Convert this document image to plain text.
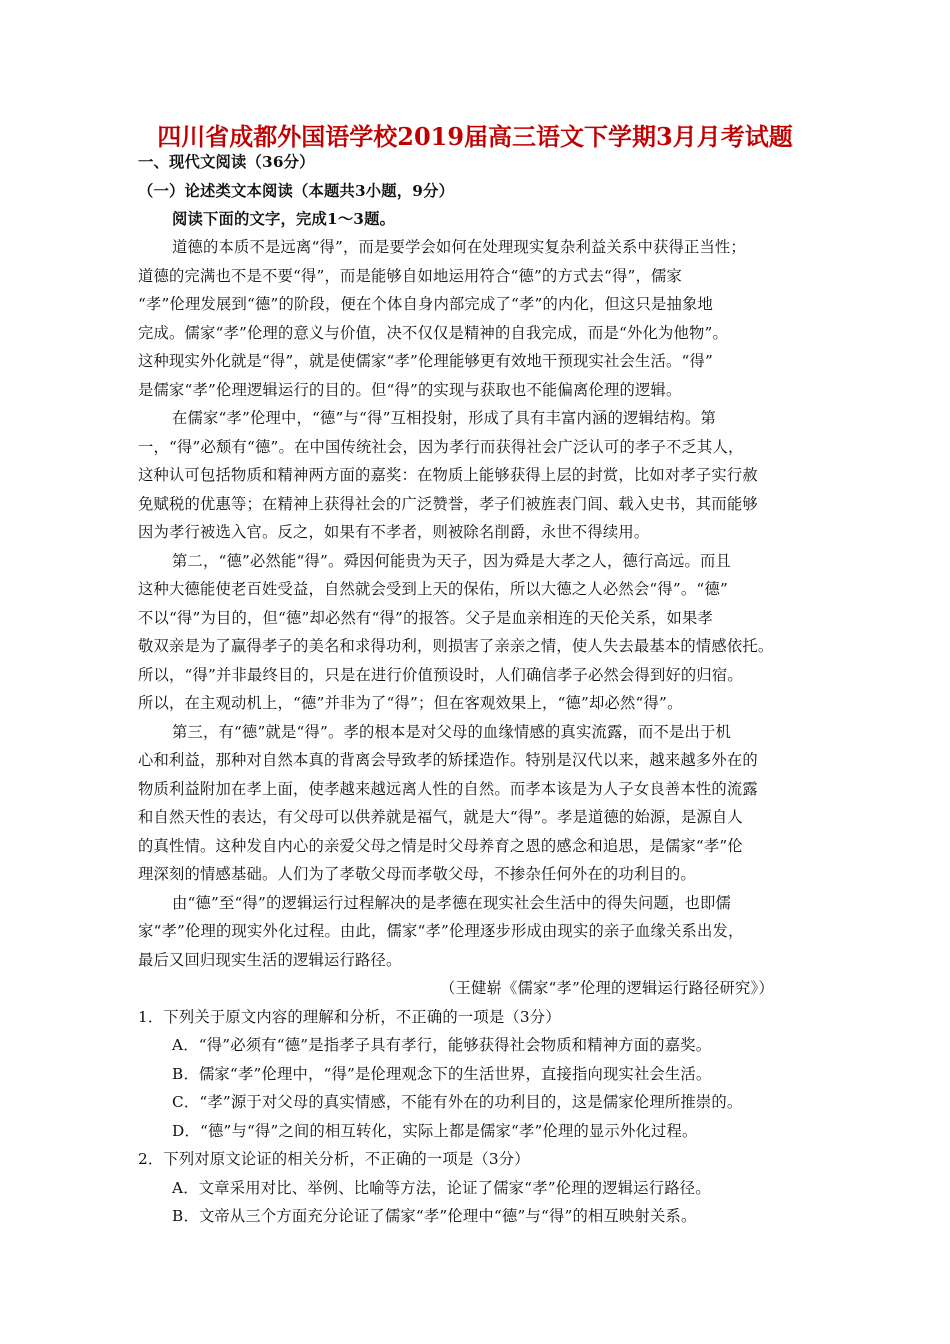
四川省成都外国语学校2019届高三语文下学期3月月考试题
一、现代文阅读（36分）
（一）论述类文本阅读（本题共3小题，9分）
阅读下面的文字，完成1～3题。
道德的本质不是远离“得”，而是要学会如何在处理现实复杂利益关系中获得正当性；
道德的完满也不是不要“得”，而是能够自如地运用符合“德”的方式去“得”，儒家
“孝”伦理发展到“德”的阶段，便在个体自身内部完成了“孝”的内化，但这只是抽象地
完成。儒家“孝”伦理的意义与价值，决不仅仅是精神的自我完成，而是“外化为他物”。
这种现实外化就是“得”，就是使儒家“孝”伦理能够更有效地干预现实社会生活。“得”
是儒家“孝”伦理逻辑运行的目的。但“得”的实现与获取也不能偏离伦理的逻辑。
在儒家“孝”伦理中，“德”与“得”互相投射，形成了具有丰富内涵的逻辑结构。第
一，“得”必颓有“德”。在中国传统社会，因为孝行而获得社会广泛认可的孝子不乏其人，
这种认可包括物质和精神两方面的嘉奖：在物质上能够获得上层的封赏，比如对孝子实行赦
免赋税的优惠等；在精神上获得社会的广泛赞誉，孝子们被旌表门闾、载入史书，其而能够
因为孝行被选入官。反之，如果有不孝者，则被除名削爵，永世不得续用。
第二，“德”必然能“得”。舜因何能贵为天子，因为舜是大孝之人，德行高远。而且
这种大德能使老百姓受益，自然就会受到上天的保佑，所以大德之人必然会“得”。“德”
不以“得”为目的，但“德”却必然有“得”的报答。父子是血亲相连的天伦关系，如果孝
敬双亲是为了赢得孝子的美名和求得功利，则损害了亲亲之情，使人失去最基本的情感依托。
所以，“得”并非最终目的，只是在进行价值预设时，人们确信孝子必然会得到好的归宿。
所以，在主观动机上，“德”并非为了“得”；但在客观效果上，“德”却必然“得”。
第三，有“德”就是“得”。孝的根本是对父母的血缘情感的真实流露，而不是出于机
心和利益，那种对自然本真的背离会导致孝的矫揉造作。特别是汉代以来，越来越多外在的
物质利益附加在孝上面，使孝越来越远离人性的自然。而孝本该是为人子女良善本性的流露
和自然天性的表达，有父母可以供养就是福气，就是大“得”。孝是道德的始源，是源自人
的真性情。这种发自内心的亲爱父母之情是时父母养育之恩的感念和追思，是儒家“孝”伦
理深刻的情感基础。人们为了孝敬父母而孝敬父母，不掺杂任何外在的功利目的。
由“德”至“得”的逻辑运行过程解决的是孝德在现实社会生活中的得失问题，也即儒
家“孝”伦理的现实外化过程。由此，儒家“孝”伦理逐步形成由现实的亲子血缘关系出发，
最后又回归现实生活的逻辑运行路径。
（王健崭《儒家“孝”伦理的逻辑运行路径研究》）
1．下列关于原文内容的理解和分析，不正确的一项是（3分）
A．“得”必须有“德”是指孝子具有孝行，能够获得社会物质和精神方面的嘉奖。
B．儒家“孝”伦理中，“得”是伦理观念下的生活世界，直接指向现实社会生活。
C．“孝”源于对父母的真实情感，不能有外在的功利目的，这是儒家伦理所推崇的。
D．“德”与“得”之间的相互转化，实际上都是儒家“孝”伦理的显示外化过程。
2．下列对原文论证的相关分析，不正确的一项是（3分）
A．文章采用对比、举例、比喻等方法，论证了儒家“孝”伦理的逻辑运行路径。
B．文帝从三个方面充分论证了儒家“孝”伦理中“德”与“得”的相互映射关系。
